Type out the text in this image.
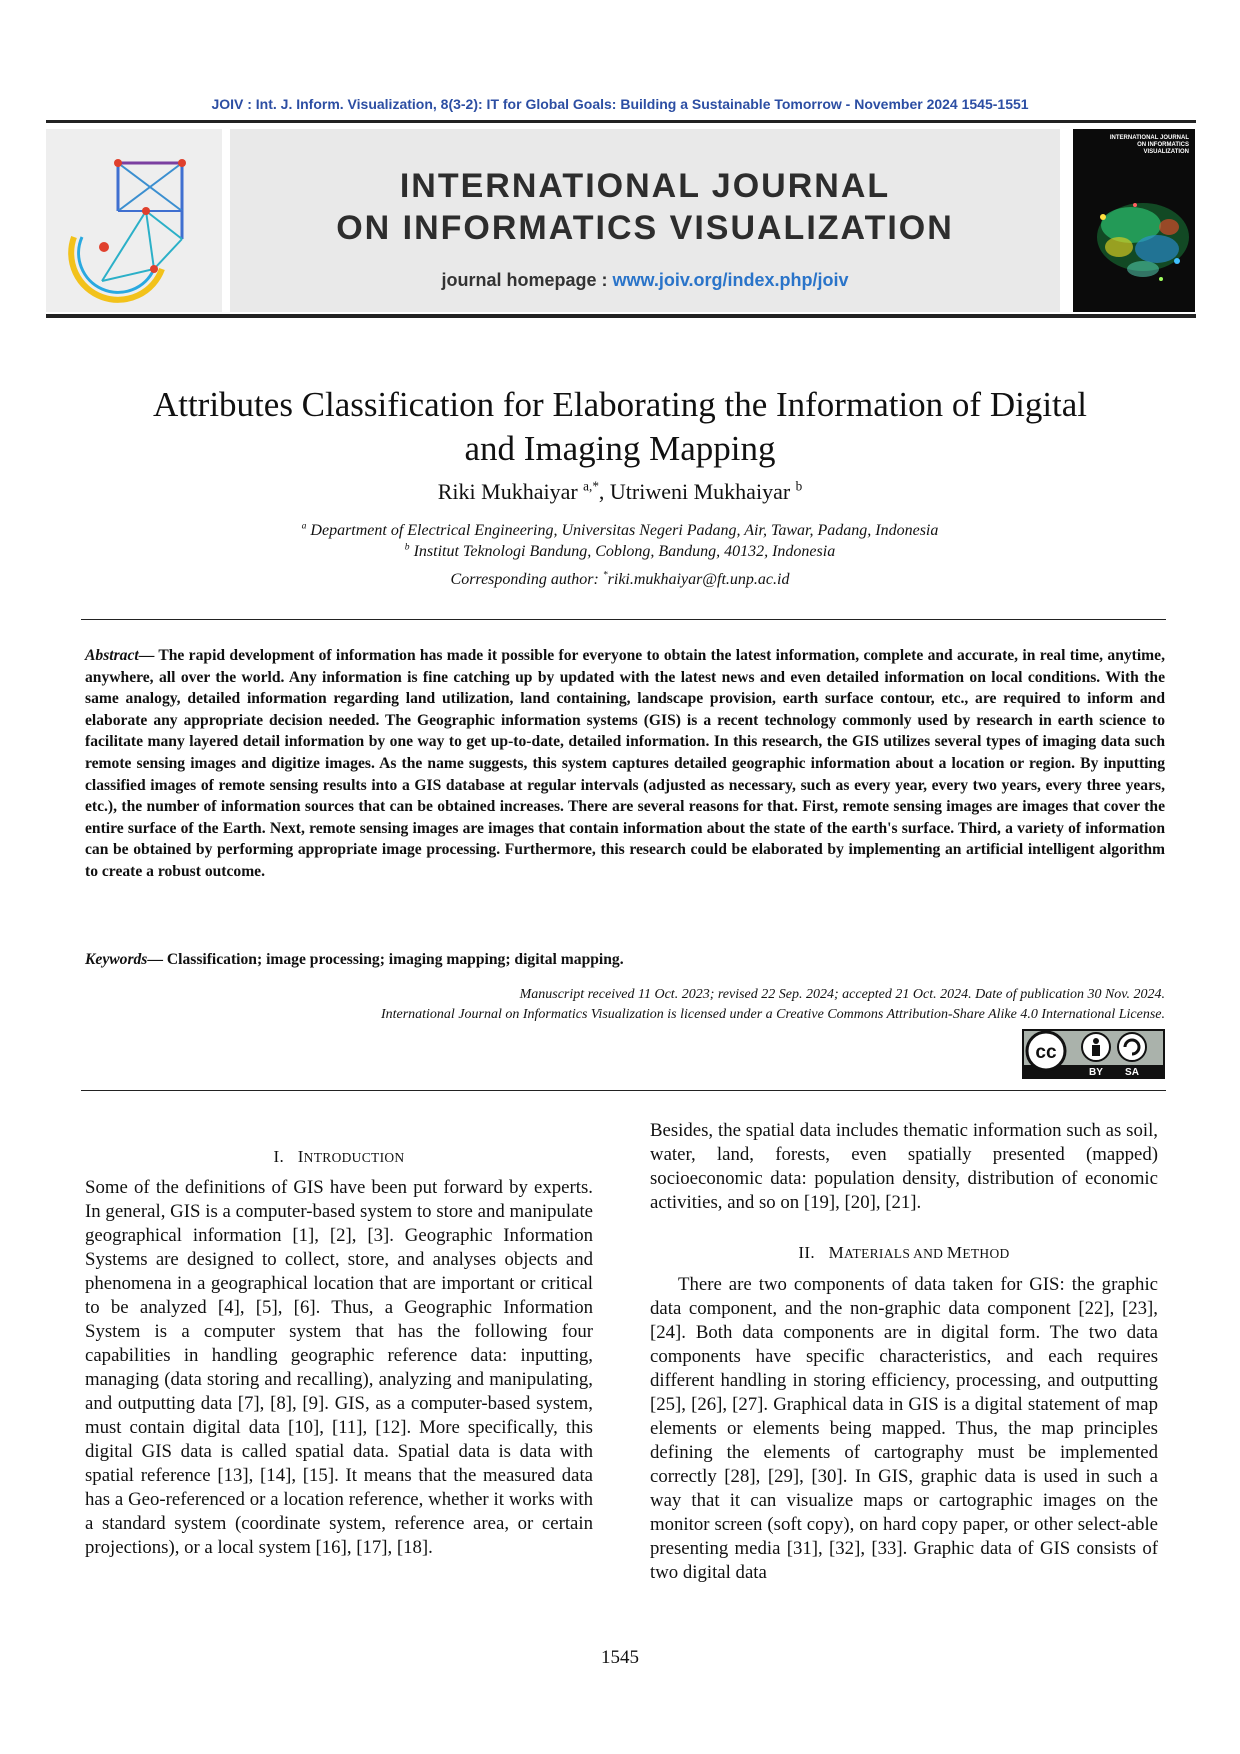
JOIV : Int. J. Inform. Visualization, 8(3-2): IT for Global Goals: Building a Sustainable Tomorrow - November 2024 1545-1551
INTERNATIONAL JOURNAL
ON INFORMATICS VISUALIZATION
journal homepage : www.joiv.org/index.php/joiv
INTERNATIONAL JOURNAL ON INFORMATICS VISUALIZATION
Attributes Classification for Elaborating the Information of Digital
and Imaging Mapping
Riki Mukhaiyar $^{a,*}$, Utriweni Mukhaiyar $^b$
$^a$ Department of Electrical Engineering, Universitas Negeri Padang, Air, Tawar, Padang, Indonesia
$^b$ Institut Teknologi Bandung, Coblong, Bandung, 40132, Indonesia
Corresponding author: *riki.mukhaiyar@ft.unp.ac.id
Abstract— The rapid development of information has made it possible for everyone to obtain the latest information, complete and accurate, in real time, anytime, anywhere, all over the world. Any information is fine catching up by updated with the latest news and even detailed information on local conditions. With the same analogy, detailed information regarding land utilization, land containing, landscape provision, earth surface contour, etc., are required to inform and elaborate any appropriate decision needed. The Geographic information systems (GIS) is a recent technology commonly used by research in earth science to facilitate many layered detail information by one way to get up-to-date, detailed information. In this research, the GIS utilizes several types of imaging data such remote sensing images and digitize images. As the name suggests, this system captures detailed geographic information about a location or region. By inputting classified images of remote sensing results into a GIS database at regular intervals (adjusted as necessary, such as every year, every two years, every three years, etc.), the number of information sources that can be obtained increases. There are several reasons for that. First, remote sensing images are images that cover the entire surface of the Earth. Next, remote sensing images are images that contain information about the state of the earth's surface. Third, a variety of information can be obtained by performing appropriate image processing. Furthermore, this research could be elaborated by implementing an artificial intelligent algorithm to create a robust outcome.
Keywords— Classification; image processing; imaging mapping; digital mapping.
Manuscript received 11 Oct. 2023; revised 22 Sep. 2024; accepted 21 Oct. 2024. Date of publication 30 Nov. 2024.
International Journal on Informatics Visualization is licensed under a Creative Commons Attribution-Share Alike 4.0 International License.
cc
BY SA
I. INTRODUCTION
Some of the definitions of GIS have been put forward by experts. In general, GIS is a computer-based system to store and manipulate geographical information [1], [2], [3]. Geographic Information Systems are designed to collect, store, and analyses objects and phenomena in a geographical location that are important or critical to be analyzed [4], [5], [6]. Thus, a Geographic Information System is a computer system that has the following four capabilities in handling geographic reference data: inputting, managing (data storing and recalling), analyzing and manipulating, and outputting data [7], [8], [9]. GIS, as a computer-based system, must contain digital data [10], [11], [12]. More specifically, this digital GIS data is called spatial data. Spatial data is data with spatial reference [13], [14], [15]. It means that the measured data has a Geo-referenced or a location reference, whether it works with a standard system (coordinate system, reference area, or certain projections), or a local system [16], [17], [18].
Besides, the spatial data includes thematic information such as soil, water, land, forests, even spatially presented (mapped) socioeconomic data: population density, distribution of economic activities, and so on [19], [20], [21].
II. MATERIALS AND METHOD
There are two components of data taken for GIS: the graphic data component, and the non-graphic data component [22], [23], [24]. Both data components are in digital form. The two data components have specific characteristics, and each requires different handling in storing efficiency, processing, and outputting [25], [26], [27]. Graphical data in GIS is a digital statement of map elements or elements being mapped. Thus, the map principles defining the elements of cartography must be implemented correctly [28], [29], [30]. In GIS, graphic data is used in such a way that it can visualize maps or cartographic images on the monitor screen (soft copy), on hard copy paper, or other select-able presenting media [31], [32], [33]. Graphic data of GIS consists of two digital data
1545
